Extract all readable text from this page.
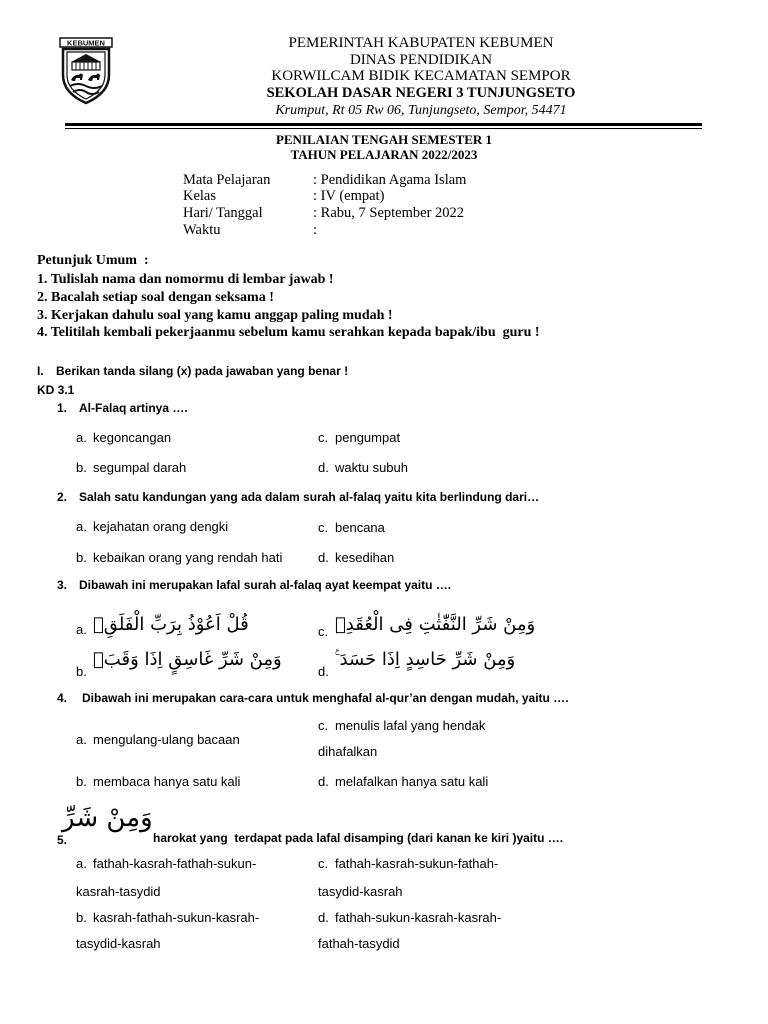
KEBUMEN	PEMERINTAH KABUPATEN KEBUMEN
DINAS PENDIDIKAN
KORWILCAM BIDIK KECAMATAN SEMPOR
SEKOLAH DASAR NEGERI 3 TUNJUNGSETO
Krumput, Rt 05 Rw 06, Tunjungseto, Sempor, 54471
PENILAIAN TENGAH SEMESTER 1
TAHUN PELAJARAN 2022/2023
Mata Pelajaran	: Pendidikan Agama Islam
Kelas	: IV (empat)
Hari/ Tanggal	: Rabu, 7 September 2022
Waktu	:
Petunjuk Umum  :
1. Tulislah nama dan nomormu di lembar jawab !
2. Bacalah setiap soal dengan seksama !
3. Kerjakan dahulu soal yang kamu anggap paling mudah !
4. Telitilah kembali pekerjaanmu sebelum kamu serahkan kepada bapak/ibu  guru !
I. Berikan tanda silang (x) pada jawaban yang benar !
KD 3.1
1. Al-Falaq artinya ….
a. kegoncangan
b. segumpal darah
c. pengumpat
d. waktu subuh
2. Salah satu kandungan yang ada dalam surah al-falaq yaitu kita berlindung dari…
a. kejahatan orang dengki
b. kebaikan orang yang rendah hati
c. bencana
d. kesedihan
3. Dibawah ini merupakan lafal surah al-falaq ayat keempat yaitu ….
a. قُلْ اَعُوْذُ بِرَبِّ الْفَلَقِۙ
b.
وَمِنْ شَرِّ غَاسِقٍ اِذَا وَقَبَۙ
c. وَمِنْ شَرِّ النَّفّٰثٰتِ فِى الْعُقَدِۙ
d.
وَمِنْ شَرِّ حَاسِدٍ اِذَا حَسَدَ ࣖ
4. Dibawah ini merupakan cara-cara untuk menghafal al-qur’an dengan mudah, yaitu ….
a. mengulang-ulang bacaan
b. membaca hanya satu kali
c. menulis lafal yang hendak
dihafalkan
d. melafalkan hanya satu kali
5.
وَمِنْ شَرِّ
harokat yang  terdapat pada lafal disamping (dari kanan ke kiri )yaitu ….
a. fathah-kasrah-fathah-sukun-
kasrah-tasydid
b. kasrah-fathah-sukun-kasrah-
tasydid-kasrah
c. fathah-kasrah-sukun-fathah-
tasydid-kasrah
d. fathah-sukun-kasrah-kasrah-
fathah-tasydid
